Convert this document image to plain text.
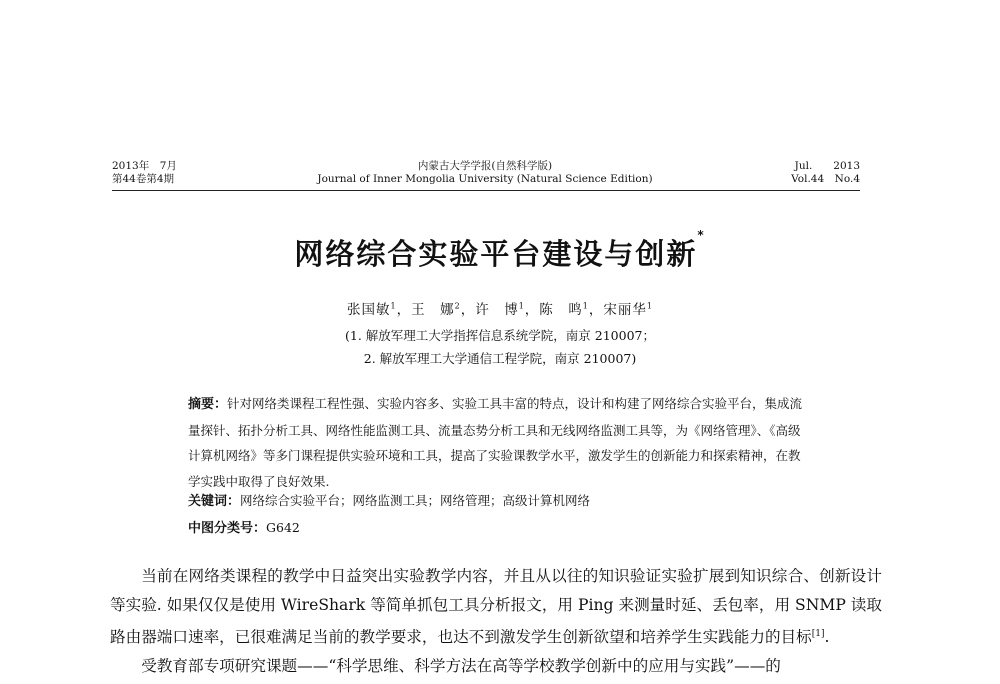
2013年　7月
第44卷第4期
内蒙古大学学报(自然科学版)
Journal of Inner Mongolia University (Natural Science Edition)
Jul.　　2013
Vol.44　No.4
网络综合实验平台建设与创新*
张国敏$^1$，王　娜$^2$，许　博$^1$，陈　鸣$^1$，宋丽华$^1$
(1. 解放军理工大学指挥信息系统学院，南京 210007；
2. 解放军理工大学通信工程学院，南京 210007)
摘要：针对网络类课程工程性强、实验内容多、实验工具丰富的特点，设计和构建了网络综合实验平台，集成流量探针、拓扑分析工具、网络性能监测工具、流量态势分析工具和无线网络监测工具等，为《网络管理》、《高级计算机网络》等多门课程提供实验环境和工具，提高了实验课教学水平，激发学生的创新能力和探索精神，在教学实践中取得了良好效果.
关键词：网络综合实验平台；网络监测工具；网络管理；高级计算机网络
中图分类号：G642

当前在网络类课程的教学中日益突出实验教学内容，并且从以往的知识验证实验扩展到知识综合、创新设计等实验. 如果仅仅是使用 WireShark 等简单抓包工具分析报文，用 Ping 来测量时延、丢包率，用 SNMP 读取路由器端口速率，已很难满足当前的教学要求，也达不到激发学生创新欲望和培养学生实践能力的目标[1].

受教育部专项研究课题——“科学思维、科学方法在高等学校教学创新中的应用与实践”——的
